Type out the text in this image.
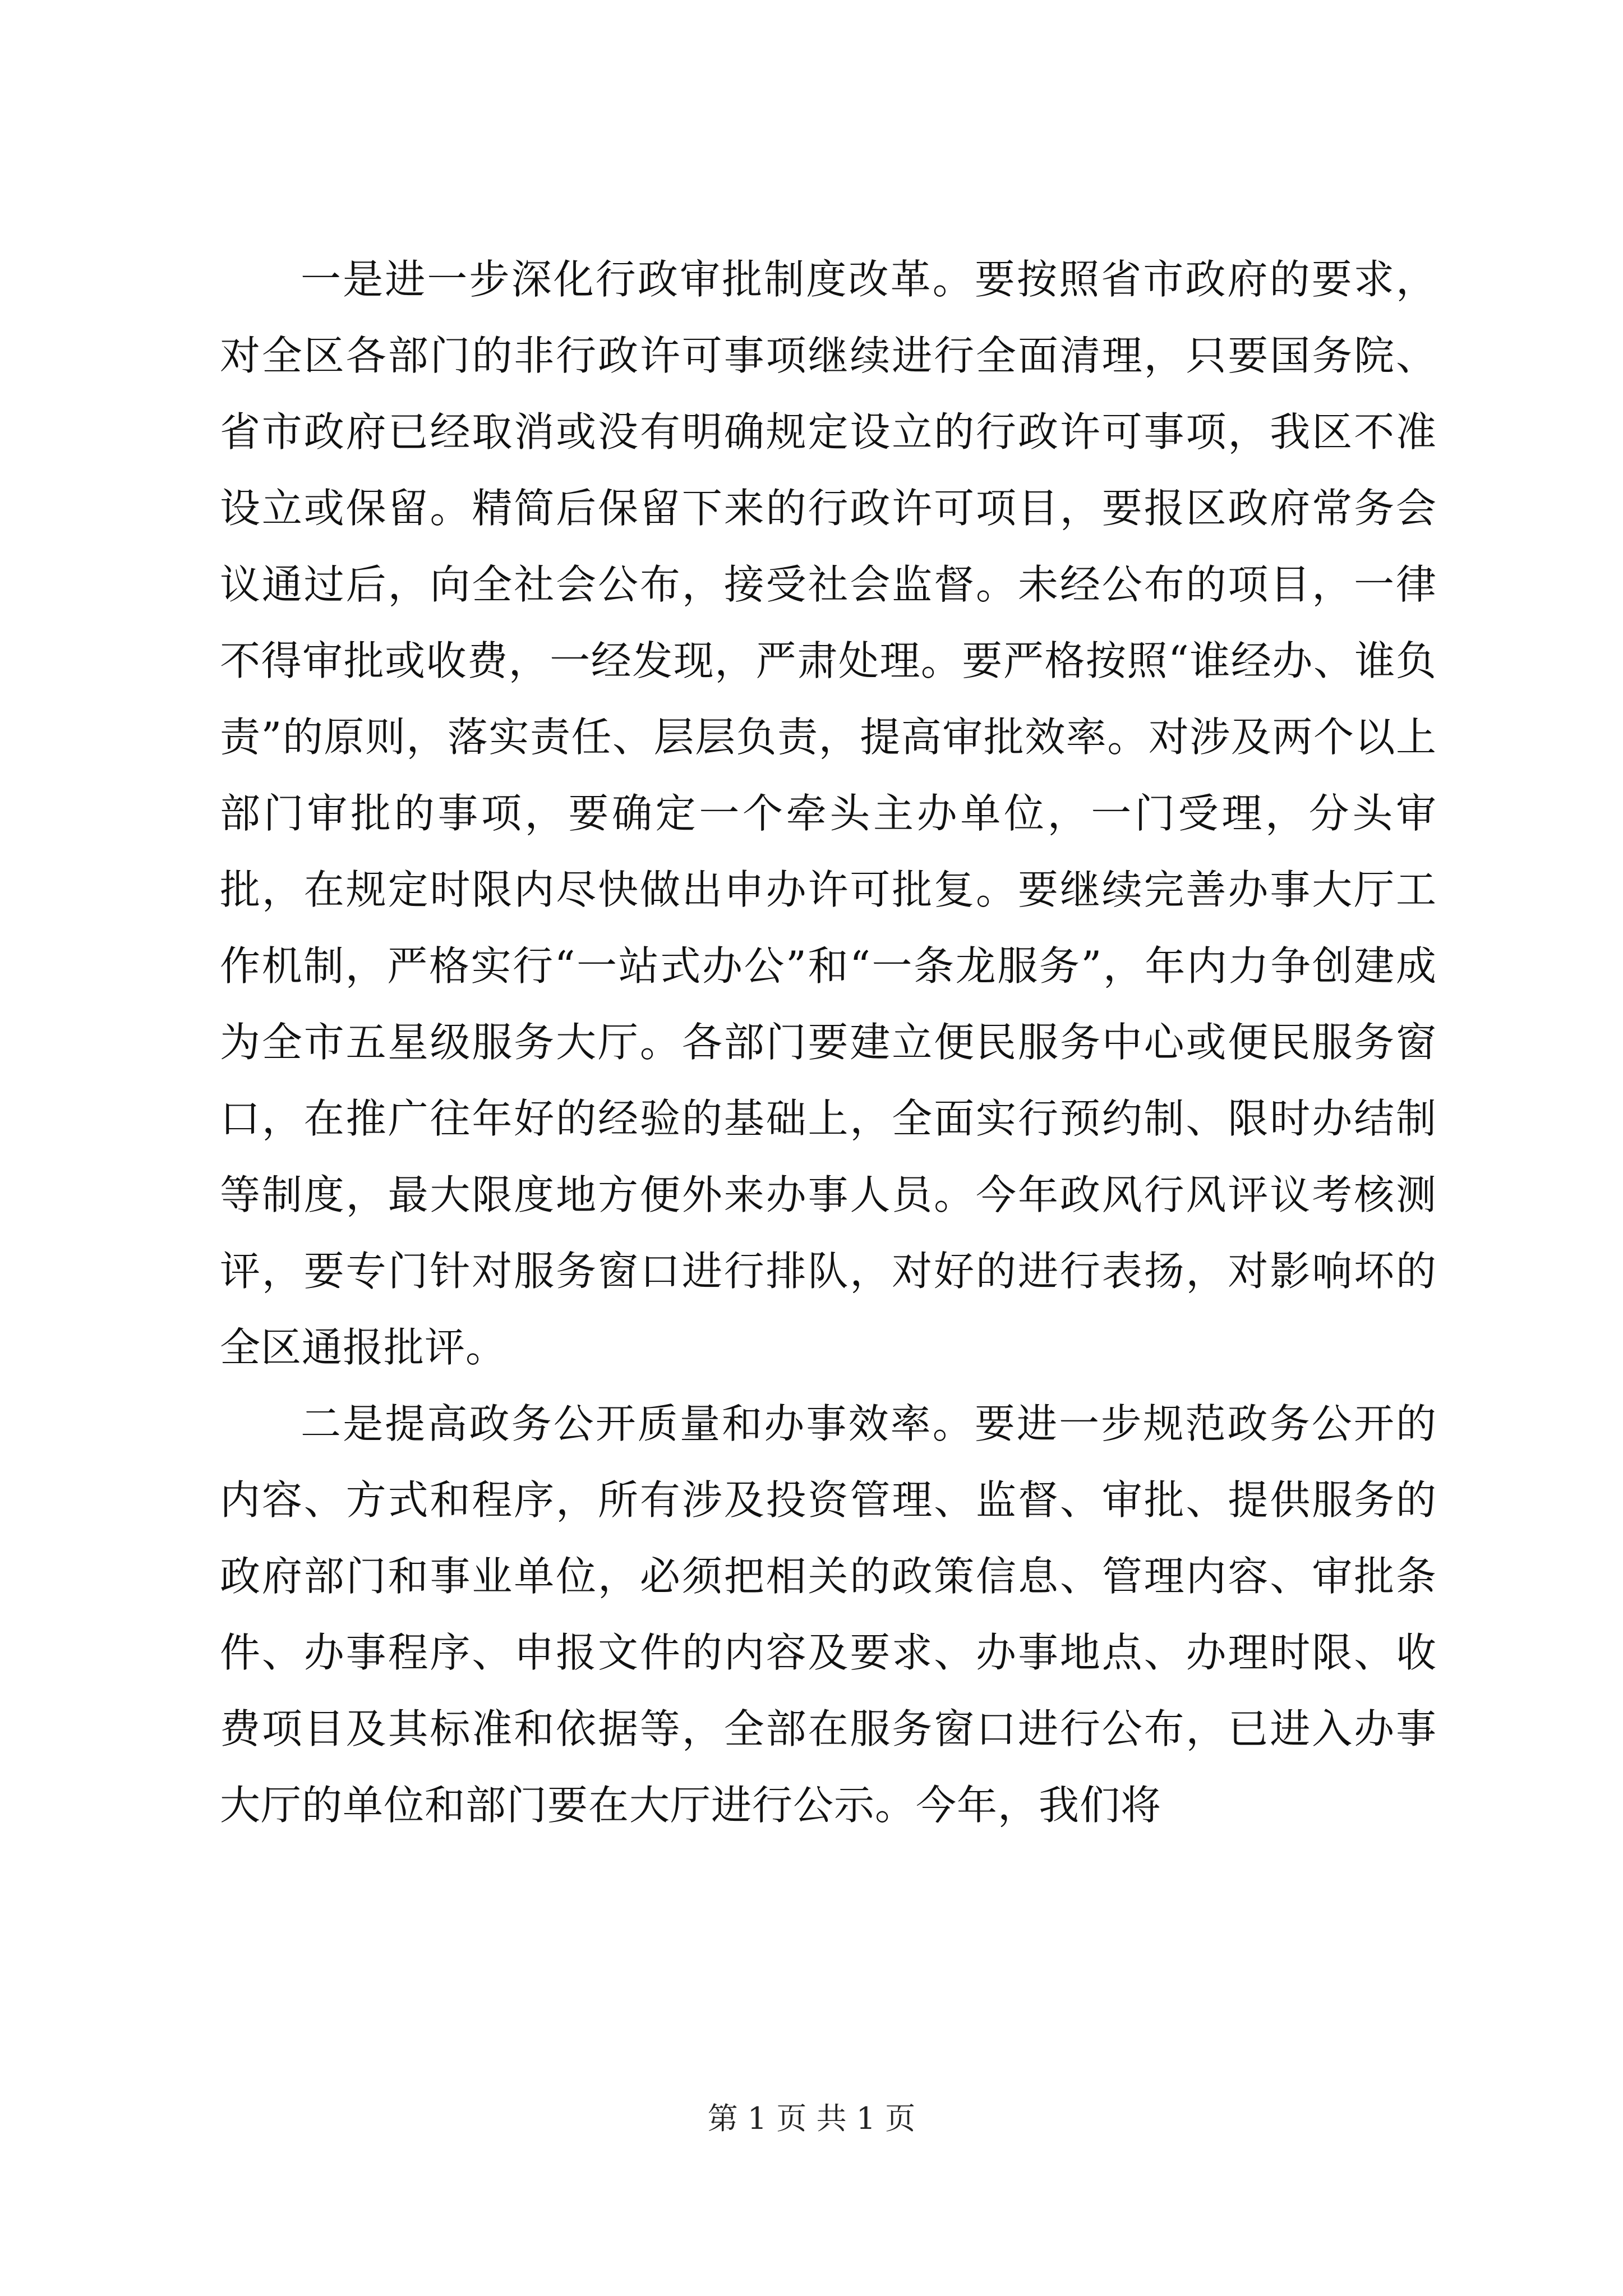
一是进一步深化行政审批制度改革。要按照省市政府的要求，对全区各部门的非行政许可事项继续进行全面清理，只要国务院、省市政府已经取消或没有明确规定设立的行政许可事项，我区不准设立或保留。精简后保留下来的行政许可项目，要报区政府常务会议通过后，向全社会公布，接受社会监督。未经公布的项目，一律不得审批或收费，一经发现，严肃处理。要严格按照“谁经办、谁负责”的原则，落实责任、层层负责，提高审批效率。对涉及两个以上部门审批的事项，要确定一个牵头主办单位，一门受理，分头审批，在规定时限内尽快做出申办许可批复。要继续完善办事大厅工作机制，严格实行“一站式办公”和“一条龙服务”，年内力争创建成为全市五星级服务大厅。各部门要建立便民服务中心或便民服务窗口，在推广往年好的经验的基础上，全面实行预约制、限时办结制等制度，最大限度地方便外来办事人员。今年政风行风评议考核测评，要专门针对服务窗口进行排队，对好的进行表扬，对影响坏的全区通报批评。

二是提高政务公开质量和办事效率。要进一步规范政务公开的内容、方式和程序，所有涉及投资管理、监督、审批、提供服务的政府部门和事业单位，必须把相关的政策信息、管理内容、审批条件、办事程序、申报文件的内容及要求、办事地点、办理时限、收费项目及其标准和依据等，全部在服务窗口进行公布，已进入办事大厅的单位和部门要在大厅进行公示。今年，我们将

第 1 页 共 1 页
